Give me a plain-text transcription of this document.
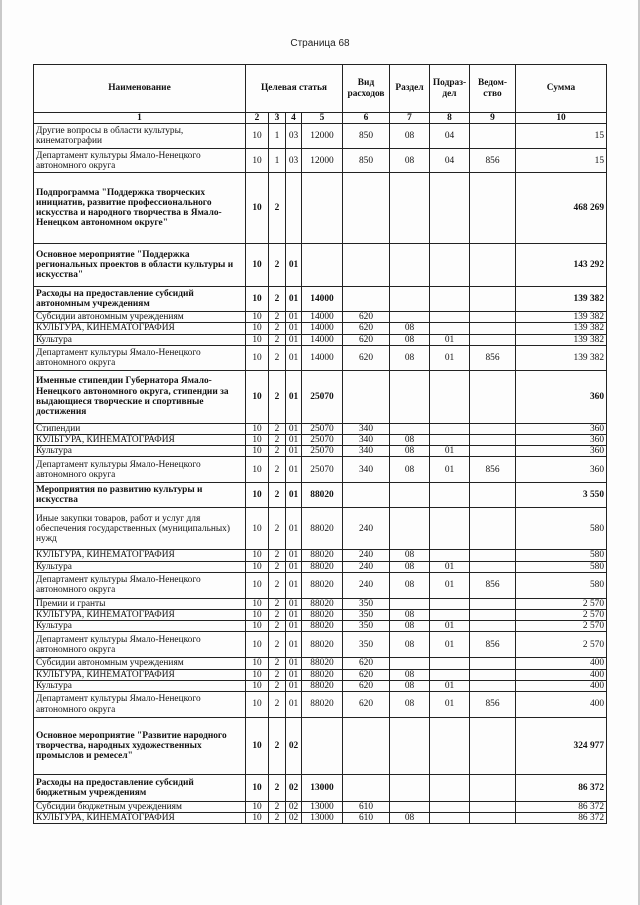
Страница 68
Наименование	Целевая статья				Вид расходов	Раздел	Подраз-дел	Ведом-ство	Сумма
1	2	3	4	5	6	7	8	9	10
Другие вопросы в области культуры, кинематографии	10	1	03	12000	850	08	04		15
Департамент культуры Ямало-Ненецкого автономного округа	10	1	03	12000	850	08	04	856	15
Подпрограмма "Поддержка творческих инициатив, развитие профессионального искусства и народного творчества в Ямало-Ненецком автономном округе"	10	2							468 269
Основное мероприятие "Поддержка региональных проектов в области культуры и искусства"	10	2	01						143 292
Расходы на предоставление субсидий автономным учреждениям	10	2	01	14000					139 382
Субсидии автономным учреждениям	10	2	01	14000	620				139 382
КУЛЬТУРА, КИНЕМАТОГРАФИЯ	10	2	01	14000	620	08			139 382
Культура	10	2	01	14000	620	08	01		139 382
Департамент культуры Ямало-Ненецкого автономного округа	10	2	01	14000	620	08	01	856	139 382
Именные стипендии Губернатора Ямало-Ненецкого автономного округа, стипендии за выдающиеся творческие и спортивные достижения	10	2	01	25070					360
Стипендии	10	2	01	25070	340				360
КУЛЬТУРА, КИНЕМАТОГРАФИЯ	10	2	01	25070	340	08			360
Культура	10	2	01	25070	340	08	01		360
Департамент культуры Ямало-Ненецкого автономного округа	10	2	01	25070	340	08	01	856	360
Мероприятия по развитию культуры и искусства	10	2	01	88020					3 550
Иные закупки товаров, работ и услуг для обеспечения государственных (муниципальных) нужд	10	2	01	88020	240				580
КУЛЬТУРА, КИНЕМАТОГРАФИЯ	10	2	01	88020	240	08			580
Культура	10	2	01	88020	240	08	01		580
Департамент культуры Ямало-Ненецкого автономного округа	10	2	01	88020	240	08	01	856	580
Премии и гранты	10	2	01	88020	350				2 570
КУЛЬТУРА, КИНЕМАТОГРАФИЯ	10	2	01	88020	350	08			2 570
Культура	10	2	01	88020	350	08	01		2 570
Департамент культуры Ямало-Ненецкого автономного округа	10	2	01	88020	350	08	01	856	2 570
Субсидии автономным учреждениям	10	2	01	88020	620				400
КУЛЬТУРА, КИНЕМАТОГРАФИЯ	10	2	01	88020	620	08			400
Культура	10	2	01	88020	620	08	01		400
Департамент культуры Ямало-Ненецкого автономного округа	10	2	01	88020	620	08	01	856	400
Основное мероприятие "Развитие народного творчества, народных художественных промыслов и ремесел"	10	2	02						324 977
Расходы на предоставление субсидий бюджетным учреждениям	10	2	02	13000					86 372
Субсидии бюджетным учреждениям	10	2	02	13000	610				86 372
КУЛЬТУРА, КИНЕМАТОГРАФИЯ	10	2	02	13000	610	08			86 372
